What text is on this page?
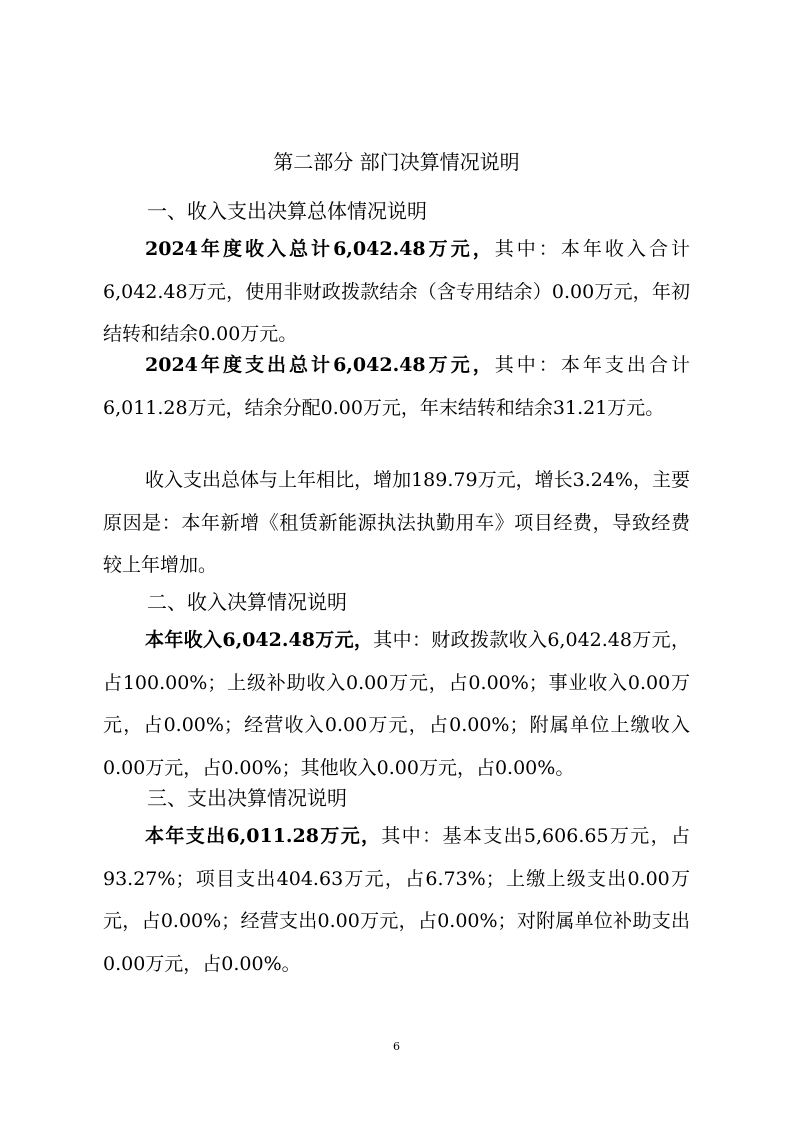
第二部分 部门决算情况说明
一、收入支出决算总体情况说明
2024年度收入总计6,042.48万元，其中：本年收入合计6,042.48万元，使用非财政拨款结余（含专用结余）0.00万元，年初结转和结余0.00万元。
2024年度支出总计6,042.48万元，其中：本年支出合计6,011.28万元，结余分配0.00万元，年末结转和结余31.21万元。
收入支出总体与上年相比，增加189.79万元，增长3.24%，主要原因是：本年新增《租赁新能源执法执勤用车》项目经费，导致经费较上年增加。
二、收入决算情况说明
本年收入6,042.48万元，其中：财政拨款收入6,042.48万元，占100.00%；上级补助收入0.00万元，占0.00%；事业收入0.00万元，占0.00%；经营收入0.00万元，占0.00%；附属单位上缴收入0.00万元，占0.00%；其他收入0.00万元，占0.00%。
三、支出决算情况说明
本年支出6,011.28万元，其中：基本支出5,606.65万元，占93.27%；项目支出404.63万元，占6.73%；上缴上级支出0.00万元，占0.00%；经营支出0.00万元，占0.00%；对附属单位补助支出0.00万元，占0.00%。
6
